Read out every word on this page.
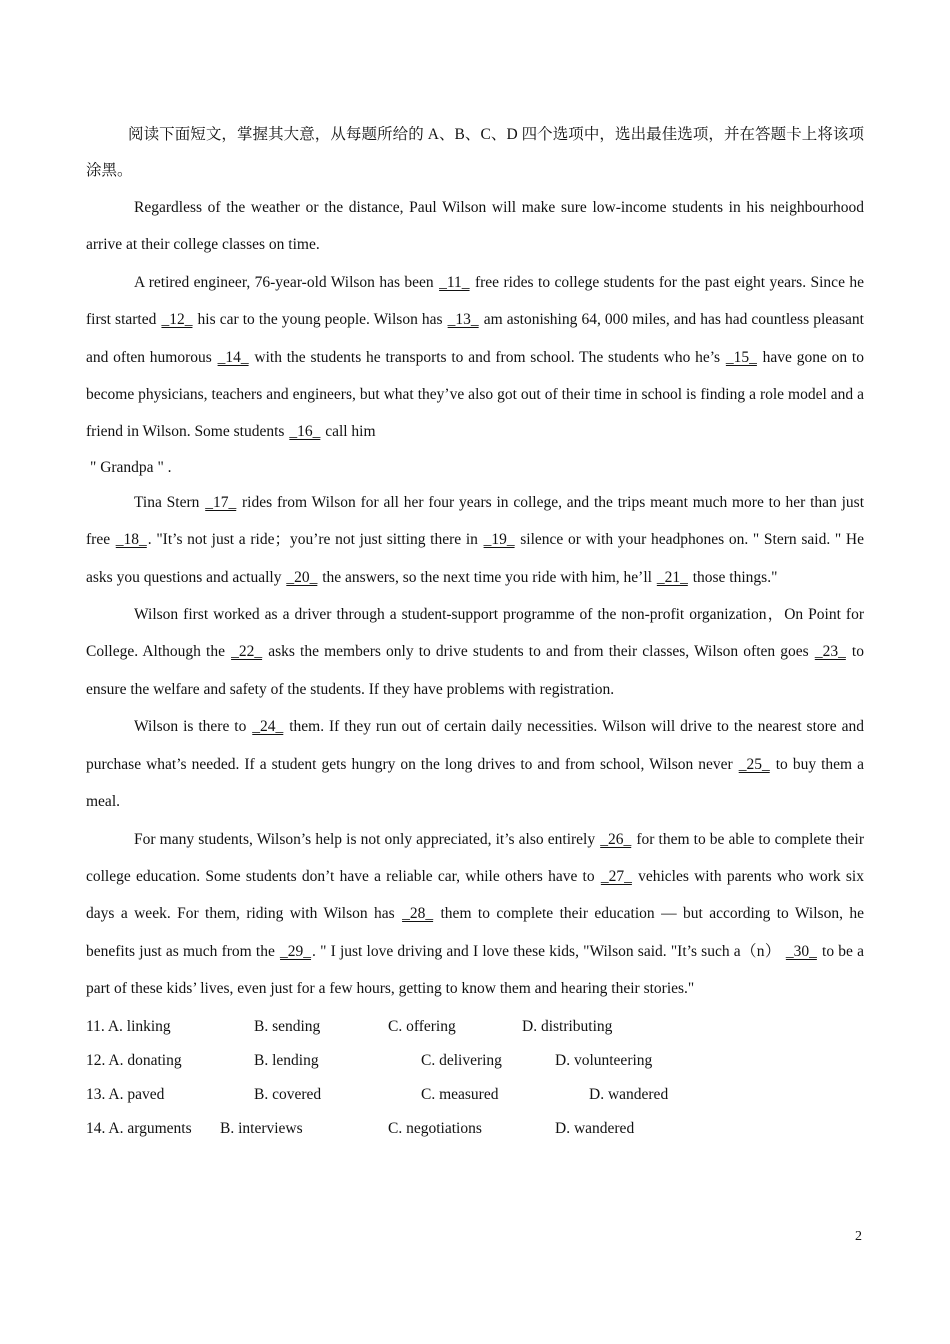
阅读下面短文，掌握其大意，从每题所给的 A、B、C、D 四个选项中，选出最佳选项，并在答题卡上将该项涂黑。

Regardless of the weather or the distance, Paul Wilson will make sure low-income students in his neighbourhood arrive at their college classes on time.

A retired engineer, 76-year-old Wilson has been _11_ free rides to college students for the past eight years. Since he first started _12_ his car to the young people. Wilson has _13_ am astonishing 64, 000 miles, and has had countless pleasant and often humorous _14_ with the students he transports to and from school. The students who he’s _15_ have gone on to become physicians, teachers and engineers, but what they’ve also got out of their time in school is finding a role model and a friend in Wilson. Some students _16_ call him

" Grandpa " .

Tina Stern _17_ rides from Wilson for all her four years in college, and the trips meant much more to her than just free _18_. "It’s not just a ride；you’re not just sitting there in _19_ silence or with your headphones on. " Stern said. " He asks you questions and actually _20_ the answers, so the next time you ride with him, he’ll _21_ those things."

Wilson first worked as a driver through a student-support programme of the non-profit organization，On Point for College. Although the _22_ asks the members only to drive students to and from their classes, Wilson often goes _23_ to ensure the welfare and safety of the students. If they have problems with registration.

Wilson is there to _24_ them. If they run out of certain daily necessities. Wilson will drive to the nearest store and purchase what’s needed. If a student gets hungry on the long drives to and from school, Wilson never _25_ to buy them a meal.

For many students, Wilson’s help is not only appreciated, it’s also entirely _26_ for them to be able to complete their college education. Some students don’t have a reliable car, while others have to _27_ vehicles with parents who work six days a week. For them, riding with Wilson has _28_ them to complete their education — but according to Wilson, he benefits just as much from the _29_. " I just love driving and I love these kids, "Wilson said. "It’s such a（n） _30_ to be a part of these kids’ lives, even just for a few hours, getting to know them and hearing their stories."

11. A. linking	B. sending	C. offering	D. distributing
12. A. donating	B. lending	C. delivering	D. volunteering
13. A. paved	B. covered	C. measured	D. wandered
14. A. arguments B. interviews	C. negotiations	D. wandered
2
